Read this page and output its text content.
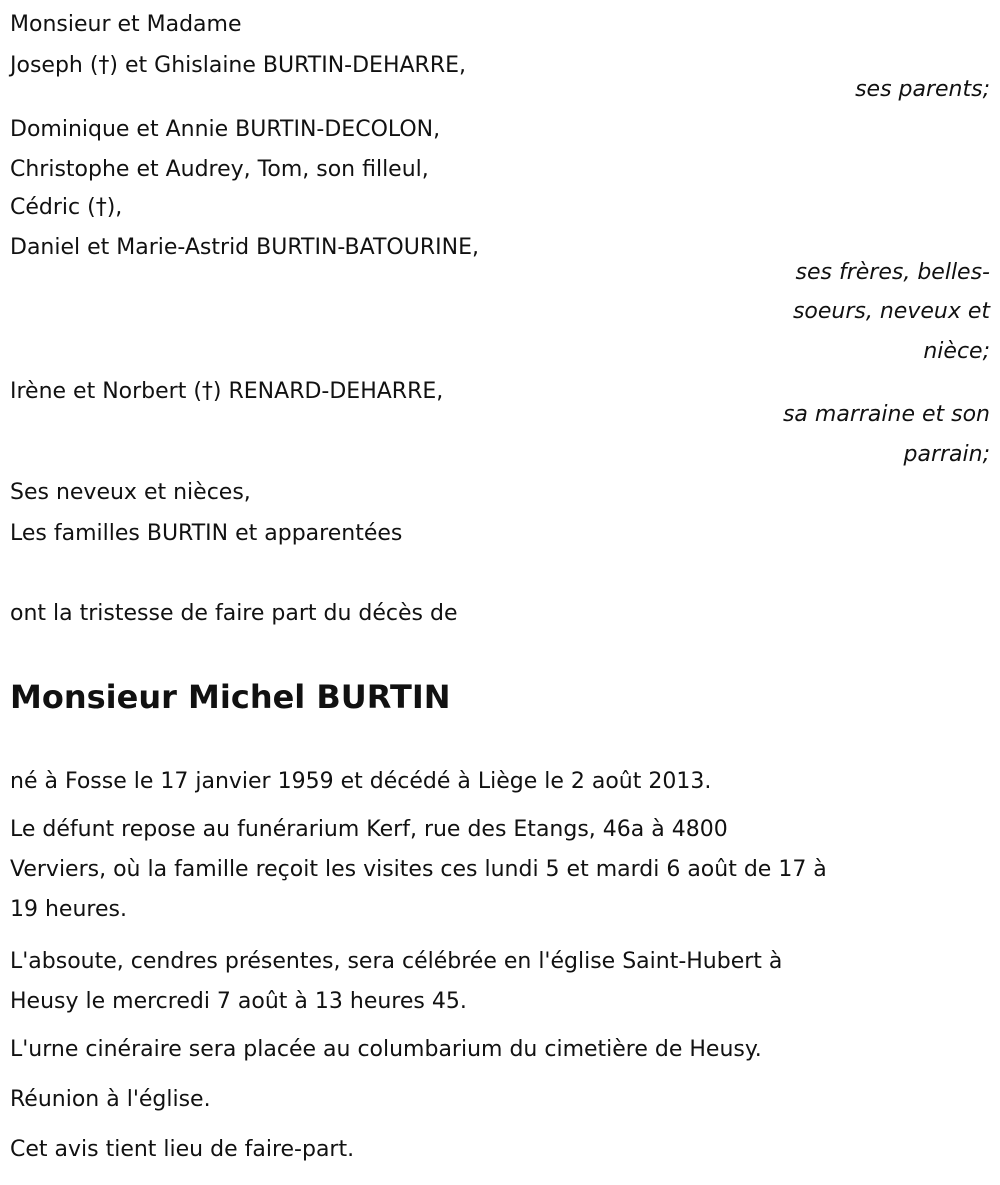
Monsieur et Madame
Joseph (†) et Ghislaine BURTIN-DEHARRE,
ses parents;
Dominique et Annie BURTIN-DECOLON,
Christophe et Audrey, Tom, son filleul,
Cédric (†),
Daniel et Marie-Astrid BURTIN-BATOURINE,
ses frères, belles-
soeurs, neveux et
nièce;
Irène et Norbert (†) RENARD-DEHARRE,
sa marraine et son
parrain;
Ses neveux et nièces,
Les familles BURTIN et apparentées
ont la tristesse de faire part du décès de
Monsieur Michel BURTIN
né à Fosse le 17 janvier 1959 et décédé à Liège le 2 août 2013.
Le défunt repose au funérarium Kerf, rue des Etangs, 46a à 4800
Verviers, où la famille reçoit les visites ces lundi 5 et mardi 6 août de 17 à
19 heures.
L'absoute, cendres présentes, sera célébrée en l'église Saint-Hubert à
Heusy le mercredi 7 août à 13 heures 45.
L'urne cinéraire sera placée au columbarium du cimetière de Heusy.
Réunion à l'église.
Cet avis tient lieu de faire-part.
